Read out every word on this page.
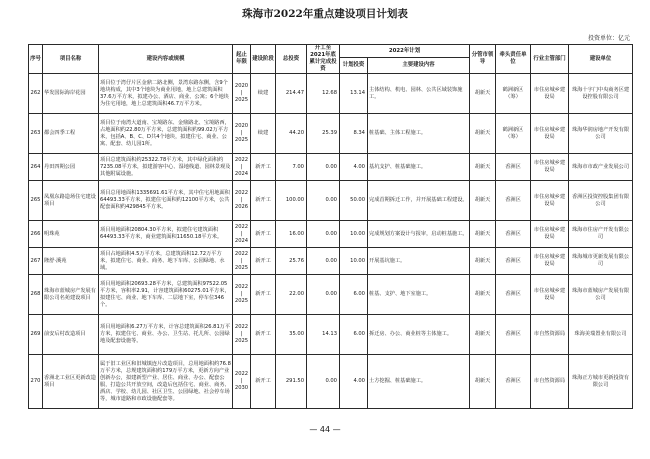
珠海市2022年重点建设项目计划表
投资单位：亿元
序号	项目名称	建设内容或规模	起止年限	建设阶段	总投资	开工至2021年底累计完成投资	2022年计划		分管市领导	牵头责任单位	行业主管部门	建设单位
							计划投资	主要建设内容				
262	华发国际海岸花园	项目位于湾仔片区金鼎二路北侧，景湾东路东侧，含9个地块构成，其中3个地块为商业用地，地上总建筑面积37.6万平方米，拟建办公、酒店、商业、公寓；6个地块为住宅用地，地上总建筑面积46.7万平方米。	2020
|
2025	续建	214.47	12.68	13.14	主体结构、机电、园林、公共区域装饰施工。	胡新天	鹤洲新区（筹）	市住房城乡建设局	珠海十字门中央商务区建设控股有限公司
263	都会四季工程	项目位于南湾大道南、宝境路东、金鼎路北、宝境路西，占地面积约22.80万平方米，总建筑面积约99.02万平方米，包括A、B、C、D共4个地块，拟建住宅、商业、公寓、配套、幼儿园1所。	2020
|
2025	续建	44.20	25.39	8.34	桩基础、主体工程施工。	胡新天	鹤洲新区（筹）	市住房城乡建设局	珠海华润房地产开发有限公司
264	丹田四期公园	项目总建筑面积约25322.78平方米，其中绿化面积约7235.08平方米，拟建游客中心、湿地栈道、园林景观及其他附属设施。	2022
|
2024	新开工	7.00	0.00	4.00	基坑支护、桩基础施工。	胡新天	香洲区	市住房城乡建设局	珠海市市政产业发展公司
265	凤凰东路造场住宅建设项目	项目总用地面积1335691.61平方米，其中住宅用地面积64493.33平方米，拟建住宅面积约12100平方米，公共配套面积约429845平方米。	2022
|
2026	新开工	100.00	0.00	50.00	完成首期拆迁工作，并开展基础工程建设。	胡新天	香洲区	市住房城乡建设局	香洲区投资控股集团有限公司
266	明珠苑	项目用地面积20804.30平方米，拟建住宅建筑面积64493.33平方米，商业建筑面积11650.18平方米。	2022
|
2024	新开工	16.00	0.00	10.00	完成规划方案设计与报审，启动桩基施工。	胡新天	香洲区	市住房城乡建设局	珠海市住房产开发有限公司
267	隆舒·溪苑	项目占地面积4.5万平方米，总建筑面积12.72万平方米，拟建住宅、商业、商务、地下车库、公园绿地、水域。	2022
|
2025	新开工	25.76	0.00	10.00	开展基坑施工。	胡新天	香洲区	市住房城乡建设局	珠海城市更新发展有限公司
268	珠海市蓝城房产发展有限公司名苑建设项目	项目用地面积20693.28平方米，总建筑面积97522.05平方米，容积率2.91，计容建筑面积60275.01平方米，拟建住宅、商业、地下车库、二层地下室，停车位346个。	2022
|
2025	新开工	22.00	0.00	6.00	桩基、支护、地下室施工。	胡新天	香洲区	市住房城乡建设局	珠海市蓝城房产发展有限公司
269	前安后村改造项目	项目用地面积6.27万平方米，计容总建筑面积26.81万平方米，拟建住宅、商业、办公、卫生站、托儿所、公园绿地及配套设施等。	2022
|
2025	新开工	35.00	14.13	6.00	拆迁房、办公、商业桩等主体施工。	胡新天	香洲区	市自然资源局	珠海美瑞置业有限公司
270	香洲北工业区更新改造项目	属于旧工业区和旧城镇连片改造项目，总用地面积约76.8万平方米，总规建筑面积约179万平方米，更新方向产业创新办公，拟建新型产业、居住、商业、办公、配套公服，打造公共开放空间，改造后包括住宅、商业、商务、酒店、学校、幼儿园、社区卫生、公园绿地、社会停车场等，城市道路和市政设施配套等。	2022
|
2030	新开工	291.50	0.00	4.00	土方挖掘、桩基础施工。	胡新天	香洲区	市自然资源局	珠海正方城市更新投资有限公司
— 44 —
